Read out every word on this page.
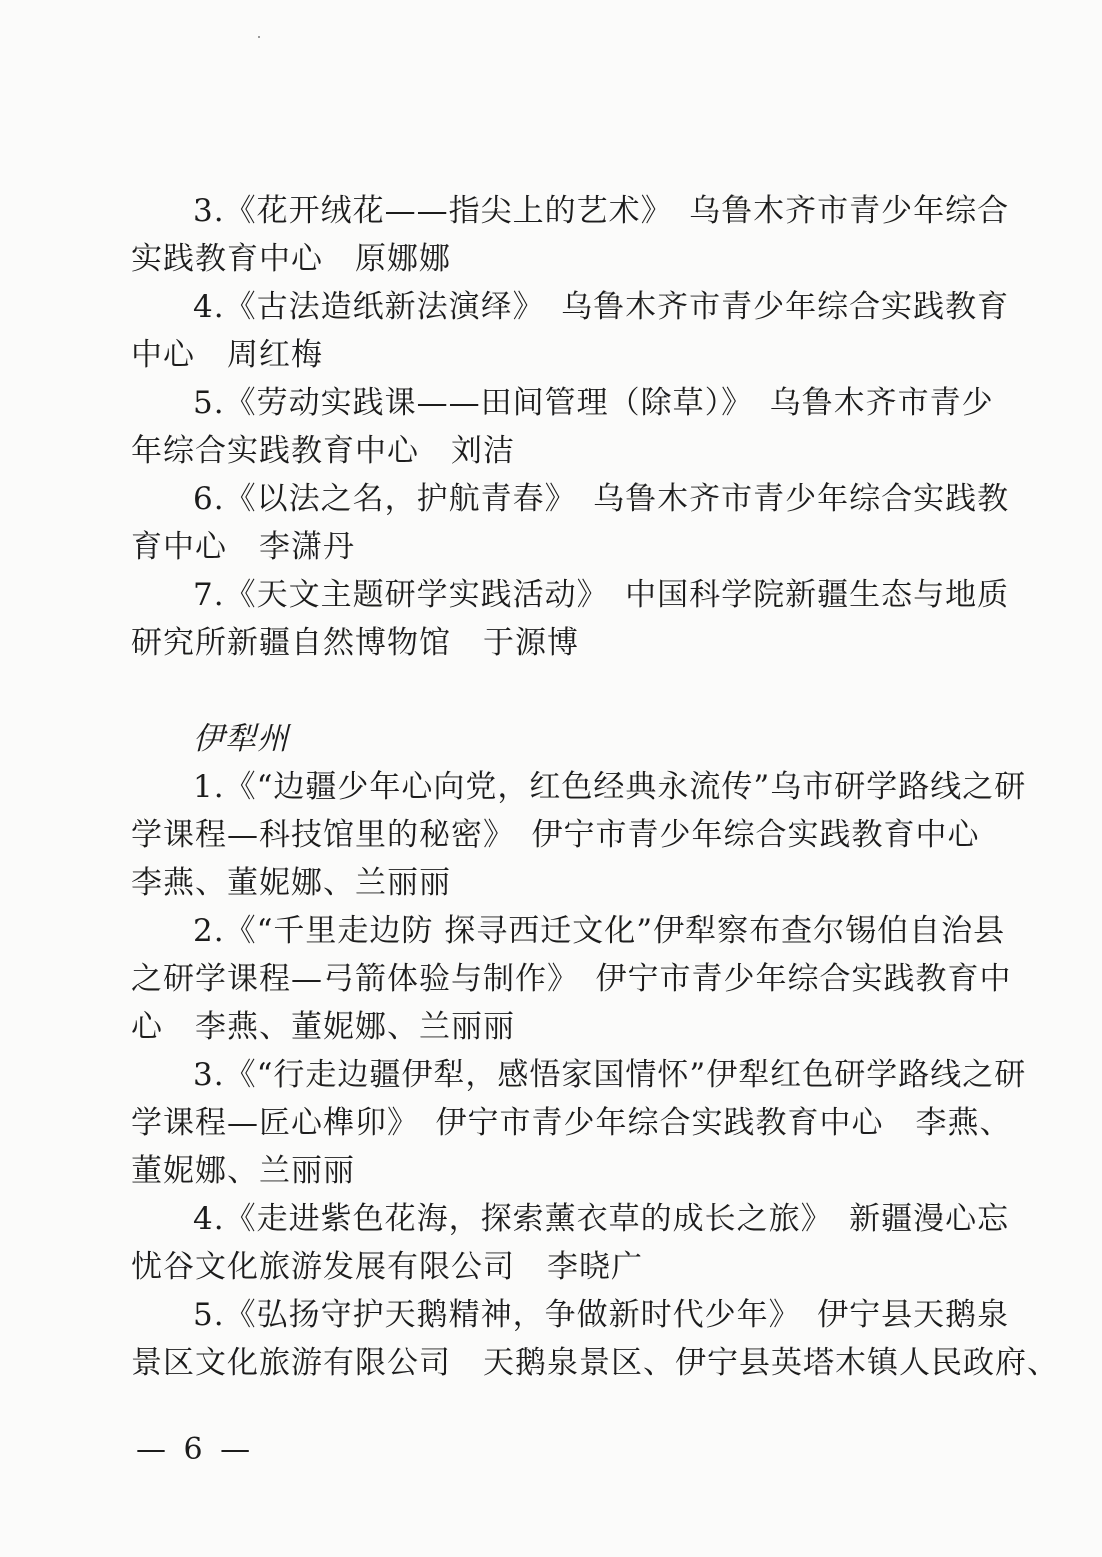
3.《花开绒花——指尖上的艺术》　乌鲁木齐市青少年综合
实践教育中心　原娜娜
4.《古法造纸新法演绎》　乌鲁木齐市青少年综合实践教育
中心　周红梅
5.《劳动实践课——田间管理（除草）》　乌鲁木齐市青少
年综合实践教育中心　刘洁
6.《以法之名，护航青春》　乌鲁木齐市青少年综合实践教
育中心　李潇丹
7.《天文主题研学实践活动》　中国科学院新疆生态与地质
研究所新疆自然博物馆　于源博
伊犁州
1.《“边疆少年心向党，红色经典永流传”乌市研学路线之研
学课程—科技馆里的秘密》　伊宁市青少年综合实践教育中心
李燕、董妮娜、兰丽丽
2.《“千里走边防 探寻西迁文化”伊犁察布查尔锡伯自治县
之研学课程—弓箭体验与制作》　伊宁市青少年综合实践教育中
心　李燕、董妮娜、兰丽丽
3.《“行走边疆伊犁，感悟家国情怀”伊犁红色研学路线之研
学课程—匠心榫卯》　伊宁市青少年综合实践教育中心　李燕、
董妮娜、兰丽丽
4.《走进紫色花海，探索薰衣草的成长之旅》　新疆漫心忘
忧谷文化旅游发展有限公司　李晓广
5.《弘扬守护天鹅精神，争做新时代少年》　伊宁县天鹅泉
景区文化旅游有限公司　天鹅泉景区、伊宁县英塔木镇人民政府、
— 6 —
